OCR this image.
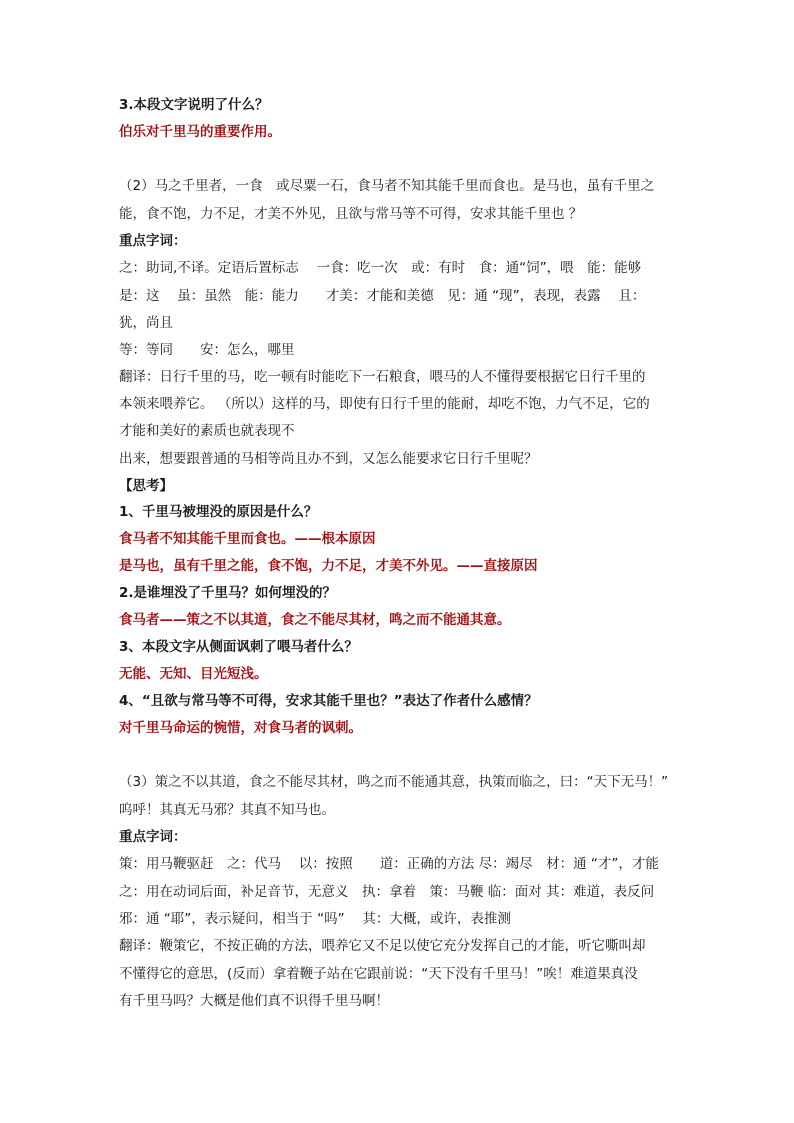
3.本段文字说明了什么？
伯乐对千里马的重要作用。
（2）马之千里者，一食　或尽粟一石，食马者不知其能千里而食也。是马也，虽有千里之
能，食不饱，力不足，才美不外见，且欲与常马等不可得，安求其能千里也 ？
重点字词：
之：助词,不译。定语后置标志　 一食：吃一次　或：有时　食：通“饲”，喂　能：能够
是：这　 虽：虽然　能：能力　　才美：才能和美德　见：通 “现”，表现，表露　 且：
犹，尚且
等：等同　　安：怎么，哪里
翻译：日行千里的马，吃一顿有时能吃下一石粮食，喂马的人不懂得要根据它日行千里的
本领来喂养它。 （所以）这样的马，即使有日行千里的能耐，却吃不饱，力气不足，它的
才能和美好的素质也就表现不
出来，想要跟普通的马相等尚且办不到，又怎么能要求它日行千里呢？
【思考】
1、千里马被埋没的原因是什么？
食马者不知其能千里而食也。——根本原因
是马也，虽有千里之能，食不饱，力不足，才美不外见。——直接原因
2.是谁埋没了千里马？如何埋没的？
食马者——策之不以其道，食之不能尽其材，鸣之而不能通其意。
3、本段文字从侧面讽刺了喂马者什么？
无能、无知、目光短浅。
4、“且欲与常马等不可得，安求其能千里也？”表达了作者什么感情？
对千里马命运的惋惜，对食马者的讽刺。
（3）策之不以其道，食之不能尽其材，鸣之而不能通其意，执策而临之，曰：“天下无马！”
呜呼！其真无马邪？其真不知马也。
重点字词：
策：用马鞭驱赶　之：代马　 以：按照　　道：正确的方法 尽：竭尽　材：通 “才”，才能
之：用在动词后面，补足音节，无意义　执：拿着　策：马鞭 临：面对 其：难道，表反问
邪：通 “耶”，表示疑问，相当于 “吗”　 其：大概，或许，表推测
翻译：鞭策它，不按正确的方法，喂养它又不足以使它充分发挥自己的才能，听它嘶叫却
不懂得它的意思，(反而）拿着鞭子站在它跟前说：“天下没有千里马！”唉！难道果真没
有千里马吗？大概是他们真不识得千里马啊！
